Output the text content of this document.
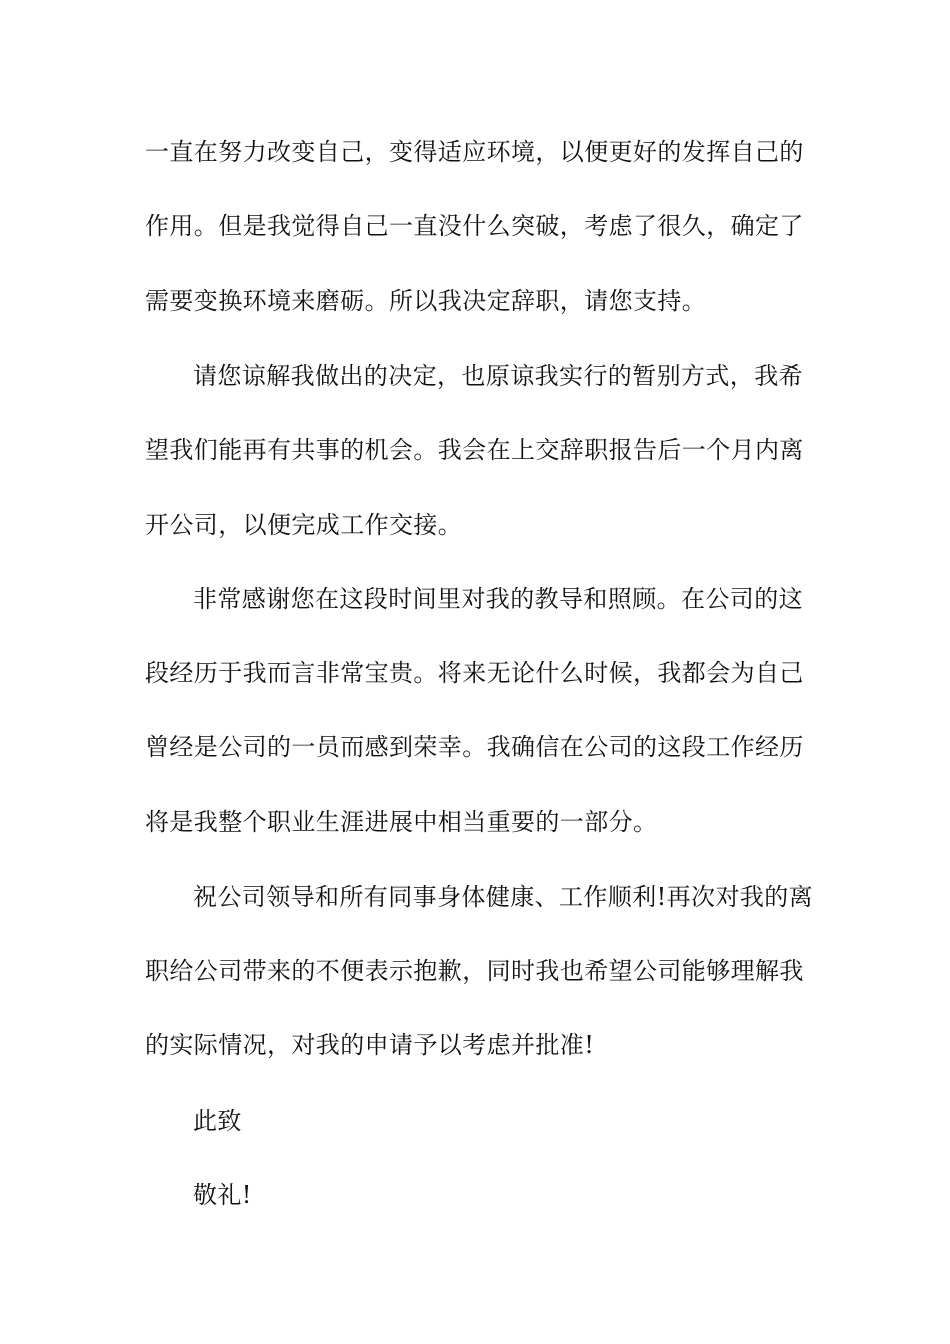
一直在努力改变自己，变得适应环境，以便更好的发挥自己的
作用。但是我觉得自己一直没什么突破，考虑了很久，确定了
需要变换环境来磨砺。所以我决定辞职，请您支持。
请您谅解我做出的决定，也原谅我实行的暂别方式，我希
望我们能再有共事的机会。我会在上交辞职报告后一个月内离
开公司，以便完成工作交接。
非常感谢您在这段时间里对我的教导和照顾。在公司的这
段经历于我而言非常宝贵。将来无论什么时候，我都会为自己
曾经是公司的一员而感到荣幸。我确信在公司的这段工作经历
将是我整个职业生涯进展中相当重要的一部分。
祝公司领导和所有同事身体健康、工作顺利!再次对我的离
职给公司带来的不便表示抱歉，同时我也希望公司能够理解我
的实际情况，对我的申请予以考虑并批准!
此致
敬礼!
